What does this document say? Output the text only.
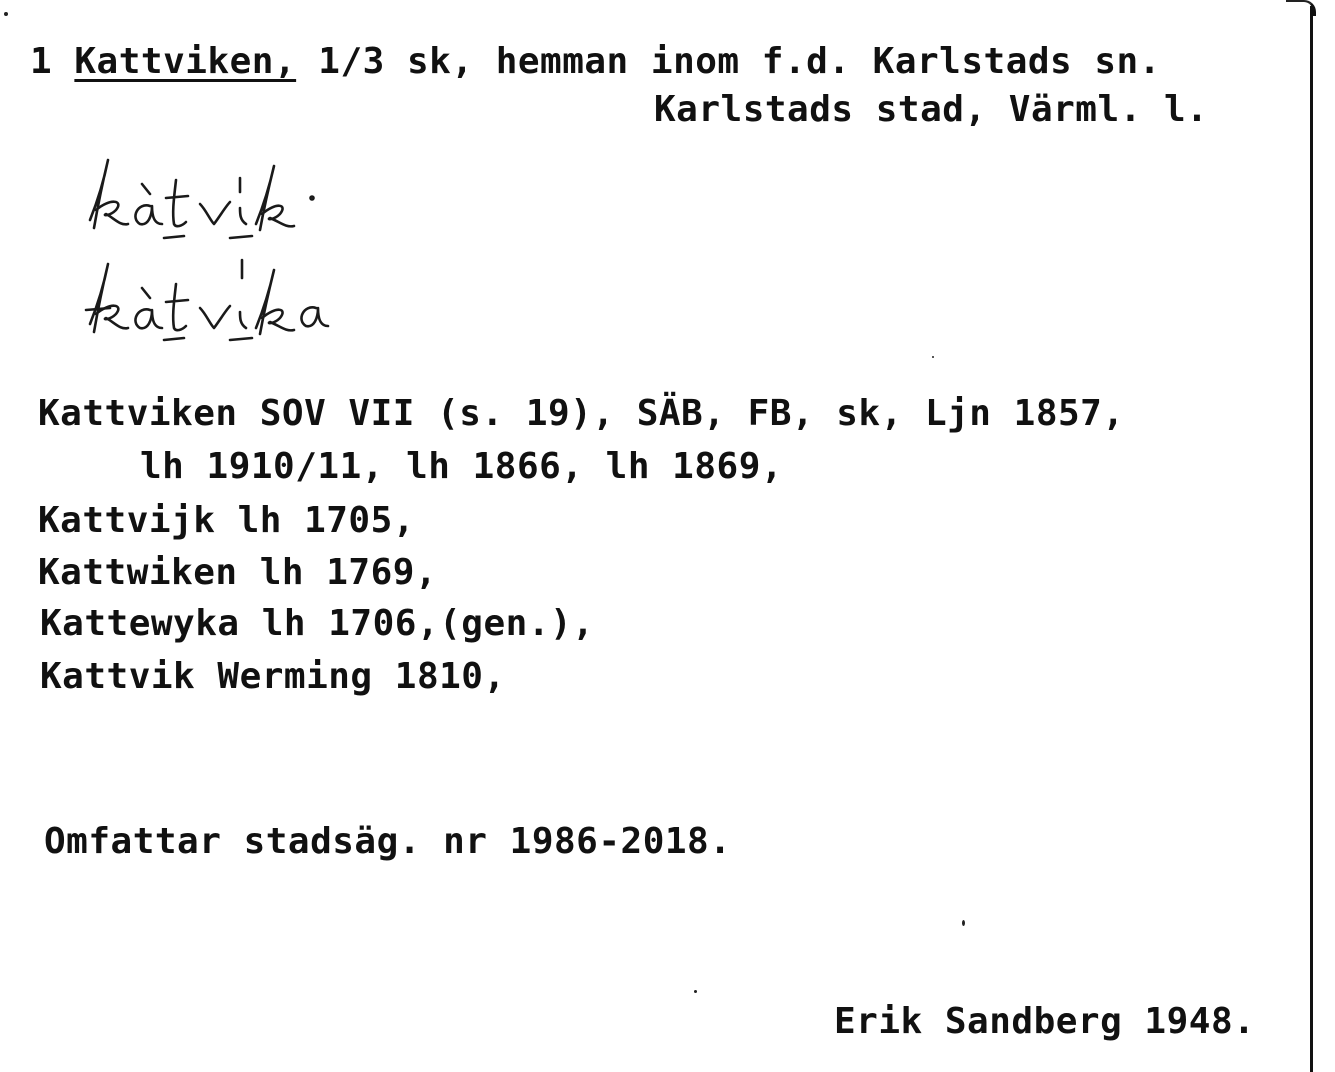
1 Kattviken, 1/3 sk, hemman inom f.d. Karlstads sn.
Karlstads stad, Värml. l.
Kattviken SOV VII (s. 19), SÄB, FB, sk, Ljn 1857,
lh 1910/11, lh 1866, lh 1869,
Kattvijk lh 1705,
Kattwiken lh 1769,
Kattewyka lh 1706,(gen.),
Kattvik Werming 1810,
Omfattar stadsäg. nr 1986-2018.
Erik Sandberg 1948.
